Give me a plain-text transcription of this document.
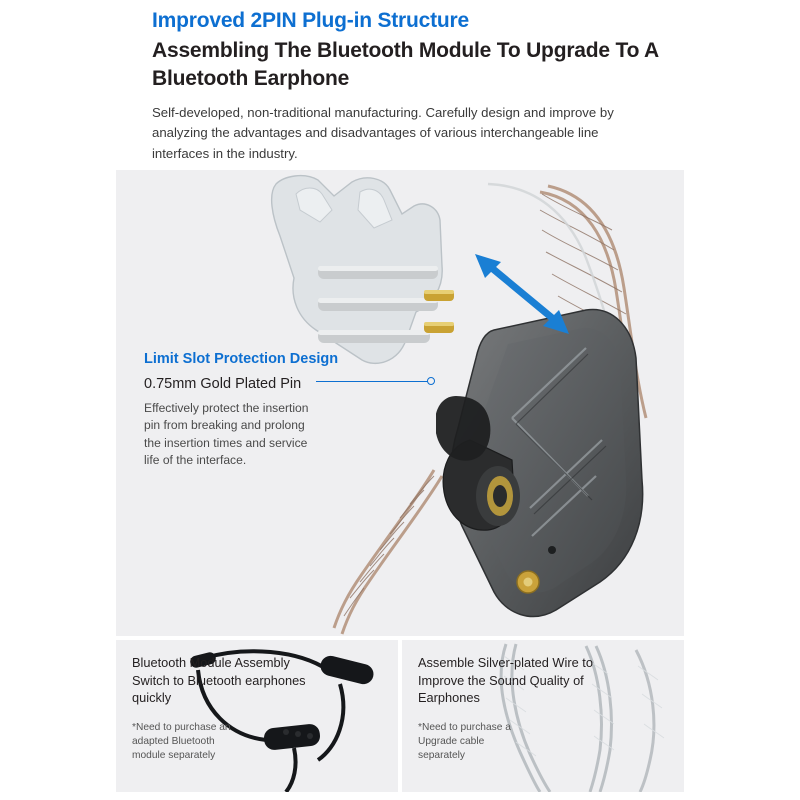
Improved 2PIN Plug-in Structure

Assembling The Bluetooth Module To Upgrade To A Bluetooth Earphone

Self-developed, non-traditional manufacturing. Carefully design and improve by analyzing the advantages and disadvantages of various interchangeable line interfaces in the industry.

Limit Slot Protection Design

0.75mm Gold Plated Pin

Effectively protect the insertion pin from breaking and prolong the insertion times and service life of the interface.

Bluetooth Module Assembly Switch to Bluetooth earphones quickly

*Need to purchase an adapted Bluetooth module separately

Assemble Silver-plated Wire to Improve the Sound Quality of Earphones

*Need to purchase a Upgrade cable separately
